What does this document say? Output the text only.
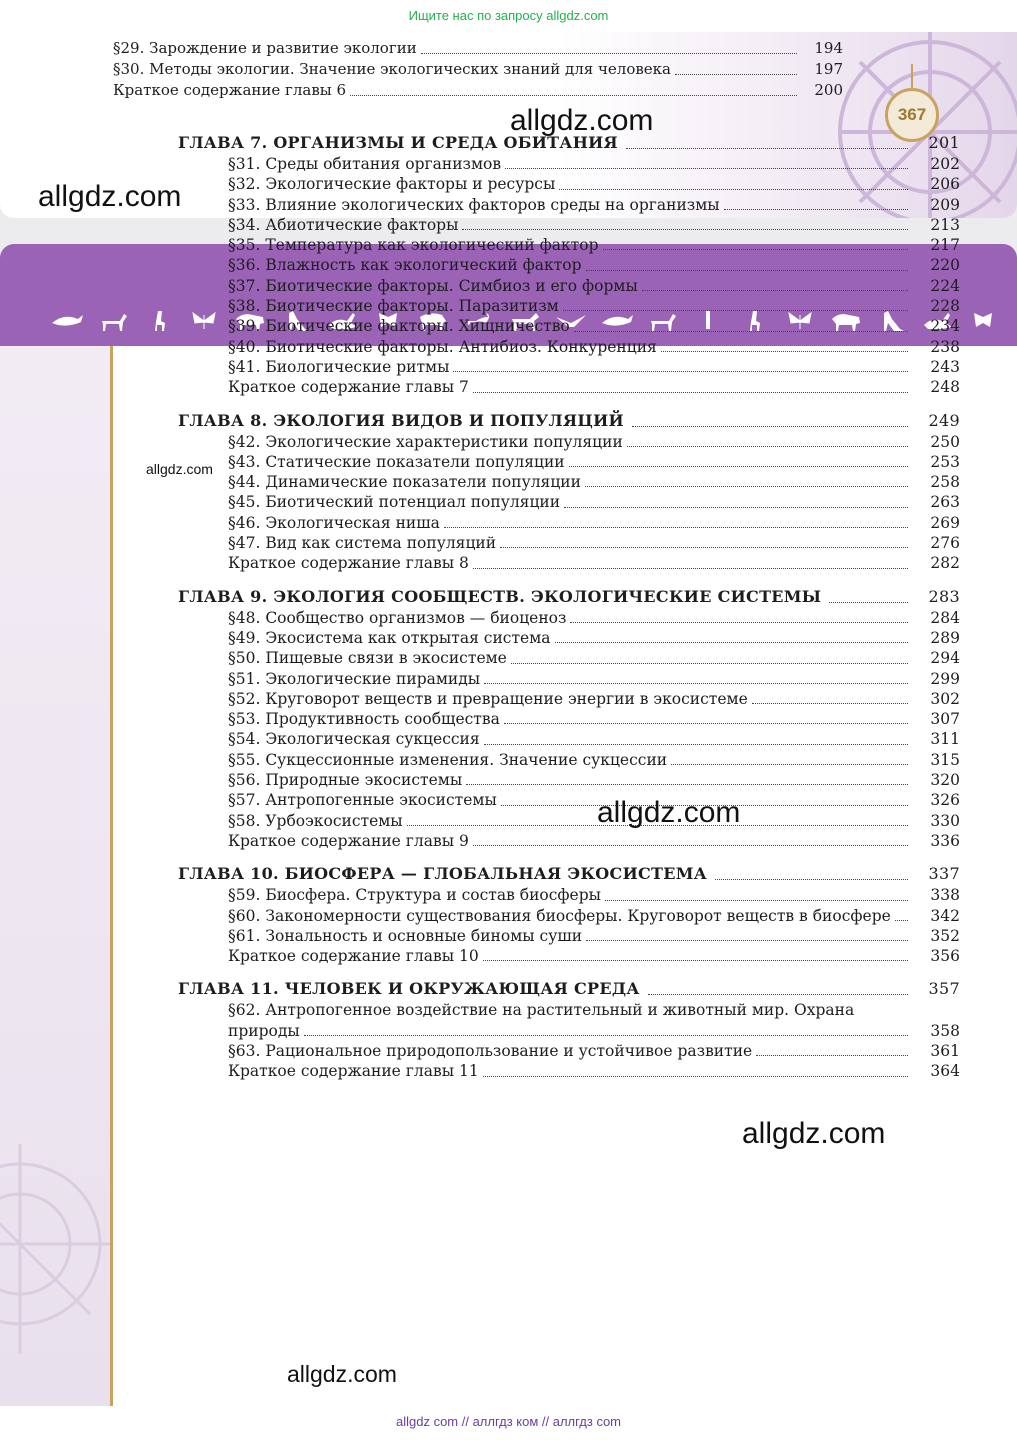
Ищите нас по запросу allgdz.com
§29. Зарождение и развитие экологии	194
§30. Методы экологии. Значение экологических знаний для человека	197
Краткое содержание главы 6	200
367
allgdz.com
allgdz.com
ГЛАВА 7. ОРГАНИЗМЫ И СРЕДА ОБИТАНИЯ	201
§31. Среды обитания организмов	202
§32. Экологические факторы и ресурсы	206
§33. Влияние экологических факторов среды на организмы	209
§34. Абиотические факторы	213
§35. Температура как экологический фактор	217
§36. Влажность как экологический фактор	220
§37. Биотические факторы. Симбиоз и его формы	224
§38. Биотические факторы. Паразитизм	228
§39. Биотические факторы. Хищничество	234
§40. Биотические факторы. Антибиоз. Конкуренция	238
§41. Биологические ритмы	243
Краткое содержание главы 7	248
ГЛАВА 8. ЭКОЛОГИЯ ВИДОВ И ПОПУЛЯЦИЙ	249
§42. Экологические характеристики популяции	250
§43. Статические показатели популяции	253
§44. Динамические показатели популяции	258
§45. Биотический потенциал популяции	263
§46. Экологическая ниша	269
§47. Вид как система популяций	276
Краткое содержание главы 8	282
ГЛАВА 9. ЭКОЛОГИЯ СООБЩЕСТВ. ЭКОЛОГИЧЕСКИЕ СИСТЕМЫ	283
§48. Сообщество организмов — биоценоз	284
§49. Экосистема как открытая система	289
§50. Пищевые связи в экосистеме	294
§51. Экологические пирамиды	299
§52. Круговорот веществ и превращение энергии в экосистеме	302
§53. Продуктивность сообщества	307
§54. Экологическая сукцессия	311
§55. Сукцессионные изменения. Значение сукцессии	315
§56. Природные экосистемы	320
§57. Антропогенные экосистемы	326
§58. Урбоэкосистемы	330
Краткое содержание главы 9	336
ГЛАВА 10. БИОСФЕРА — ГЛОБАЛЬНАЯ ЭКОСИСТЕМА	337
§59. Биосфера. Структура и состав биосферы	338
§60. Закономерности существования биосферы. Круговорот веществ в биосфере	342
§61. Зональность и основные биномы суши	352
Краткое содержание главы 10	356
ГЛАВА 11. ЧЕЛОВЕК И ОКРУЖАЮЩАЯ СРЕДА	357
§62. Антропогенное воздействие на растительный и животный мир. Охрана
природы	358
§63. Рациональное природопользование и устойчивое развитие	361
Краткое содержание главы 11	364
allgdz.com
allgdz.com
allgdz.com
allgdz.com
allgdz com // аллгдз ком // аллгдз com
